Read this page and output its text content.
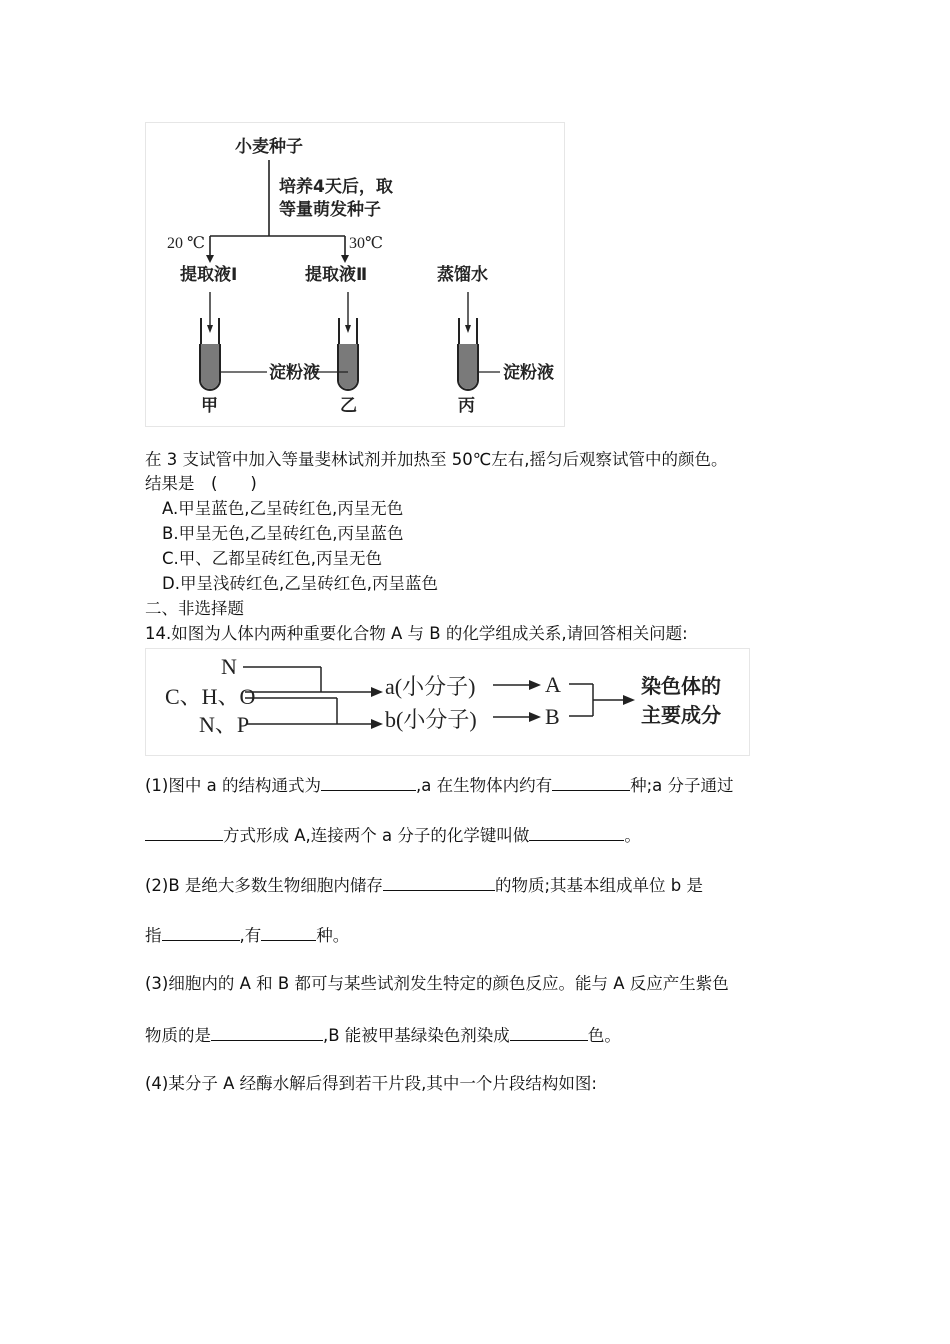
小麦种子
培养4天后，取
等量萌发种子
20 ℃	30℃
提取液Ⅰ	提取液Ⅱ	蒸馏水
淀粉液	淀粉液
甲	乙	丙
在 3 支试管中加入等量斐林试剂并加热至 50℃左右,摇匀后观察试管中的颜色。
结果是　(　　)
A.甲呈蓝色,乙呈砖红色,丙呈无色
B.甲呈无色,乙呈砖红色,丙呈蓝色
C.甲、乙都呈砖红色,丙呈无色
D.甲呈浅砖红色,乙呈砖红色,丙呈蓝色
二、非选择题
14.如图为人体内两种重要化合物 A 与 B 的化学组成关系,请回答相关问题:
N
C、H、O
N、P
a(小分子)
b(小分子)
A
B
染色体的
主要成分
(1)图中 a 的结构通式为	,a 在生物体内约有	种;a 分子通过
方式形成 A,连接两个 a 分子的化学键叫做	。
(2)B 是绝大多数生物细胞内储存	的物质;其基本组成单位 b 是
指	,有	种。
(3)细胞内的 A 和 B 都可与某些试剂发生特定的颜色反应。能与 A 反应产生紫色
物质的是	,B 能被甲基绿染色剂染成	色。
(4)某分子 A 经酶水解后得到若干片段,其中一个片段结构如图:
